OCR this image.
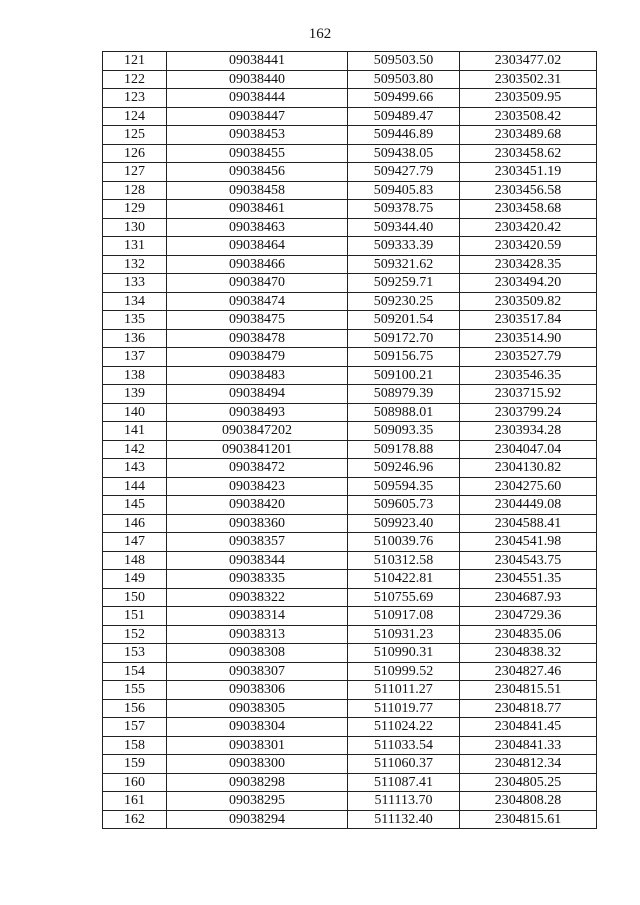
162
121	09038441	509503.50	2303477.02
122	09038440	509503.80	2303502.31
123	09038444	509499.66	2303509.95
124	09038447	509489.47	2303508.42
125	09038453	509446.89	2303489.68
126	09038455	509438.05	2303458.62
127	09038456	509427.79	2303451.19
128	09038458	509405.83	2303456.58
129	09038461	509378.75	2303458.68
130	09038463	509344.40	2303420.42
131	09038464	509333.39	2303420.59
132	09038466	509321.62	2303428.35
133	09038470	509259.71	2303494.20
134	09038474	509230.25	2303509.82
135	09038475	509201.54	2303517.84
136	09038478	509172.70	2303514.90
137	09038479	509156.75	2303527.79
138	09038483	509100.21	2303546.35
139	09038494	508979.39	2303715.92
140	09038493	508988.01	2303799.24
141	0903847202	509093.35	2303934.28
142	0903841201	509178.88	2304047.04
143	09038472	509246.96	2304130.82
144	09038423	509594.35	2304275.60
145	09038420	509605.73	2304449.08
146	09038360	509923.40	2304588.41
147	09038357	510039.76	2304541.98
148	09038344	510312.58	2304543.75
149	09038335	510422.81	2304551.35
150	09038322	510755.69	2304687.93
151	09038314	510917.08	2304729.36
152	09038313	510931.23	2304835.06
153	09038308	510990.31	2304838.32
154	09038307	510999.52	2304827.46
155	09038306	511011.27	2304815.51
156	09038305	511019.77	2304818.77
157	09038304	511024.22	2304841.45
158	09038301	511033.54	2304841.33
159	09038300	511060.37	2304812.34
160	09038298	511087.41	2304805.25
161	09038295	511113.70	2304808.28
162	09038294	511132.40	2304815.61
